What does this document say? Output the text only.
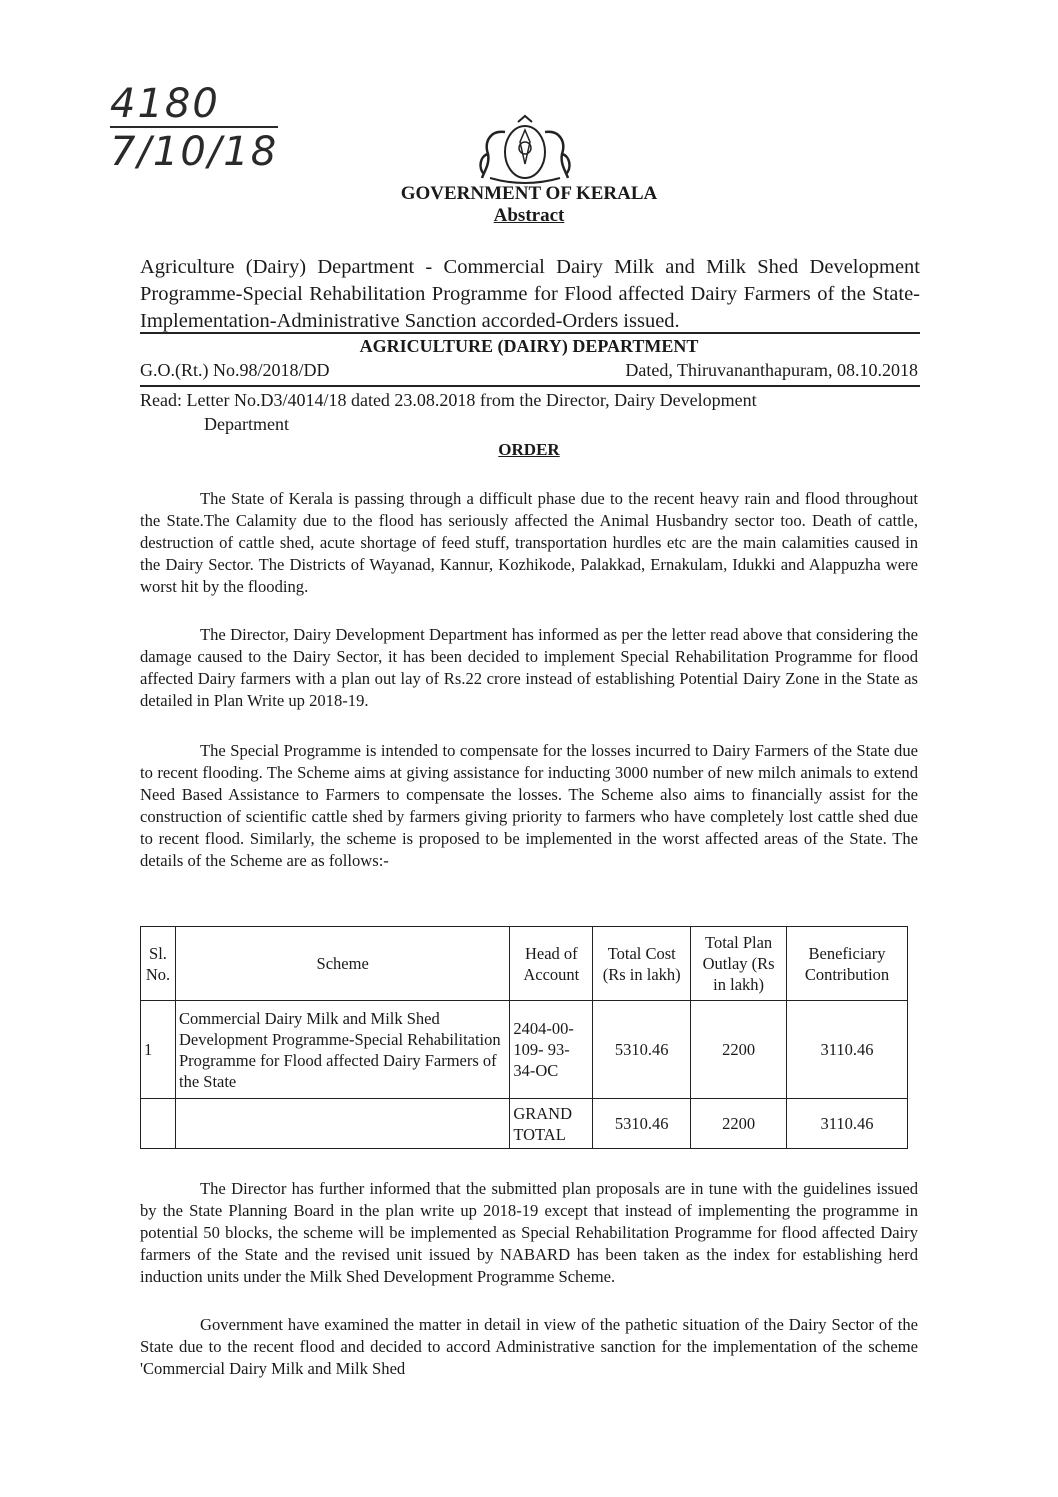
4180
7/10/18
GOVERNMENT OF KERALA
Abstract
Agriculture (Dairy) Department - Commercial Dairy Milk and Milk Shed Development Programme-Special Rehabilitation Programme for Flood affected Dairy Farmers of the State-Implementation-Administrative Sanction accorded-Orders issued.
AGRICULTURE (DAIRY) DEPARTMENT
G.O.(Rt.) No.98/2018/DD	Dated, Thiruvananthapuram, 08.10.2018
Read: Letter No.D3/4014/18 dated 23.08.2018 from the Director, Dairy Development
Department
ORDER
The State of Kerala is passing through a difficult phase due to the recent heavy rain and flood throughout the State.The Calamity due to the flood has seriously affected the Animal Husbandry sector too. Death of cattle, destruction of cattle shed, acute shortage of feed stuff, transportation hurdles etc are the main calamities caused in the Dairy Sector. The Districts of Wayanad, Kannur, Kozhikode, Palakkad, Ernakulam, Idukki and Alappuzha were worst hit by the flooding.
The Director, Dairy Development Department has informed as per the letter read above that considering the damage caused to the Dairy Sector, it has been decided to implement Special Rehabilitation Programme for flood affected Dairy farmers with a plan out lay of Rs.22 crore instead of establishing Potential Dairy Zone in the State as detailed in Plan Write up 2018-19.
The Special Programme is intended to compensate for the losses incurred to Dairy Farmers of the State due to recent flooding. The Scheme aims at giving assistance for inducting 3000 number of new milch animals to extend Need Based Assistance to Farmers to compensate the losses. The Scheme also aims to financially assist for the construction of scientific cattle shed by farmers giving priority to farmers who have completely lost cattle shed due to recent flood. Similarly, the scheme is proposed to be implemented in the worst affected areas of the State. The details of the Scheme are as follows:-
Sl. No.	Scheme	Head of Account	Total Cost (Rs in lakh)	Total Plan Outlay (Rs in lakh)	Beneficiary Contribution
1	Commercial Dairy Milk and Milk Shed Development Programme-Special Rehabilitation Programme for Flood affected Dairy Farmers of the State	2404-00-109- 93-34-OC	5310.46	2200	3110.46
		GRAND TOTAL	5310.46	2200	3110.46
The Director has further informed that the submitted plan proposals are in tune with the guidelines issued by the State Planning Board in the plan write up 2018-19 except that instead of implementing the programme in potential 50 blocks, the scheme will be implemented as Special Rehabilitation Programme for flood affected Dairy farmers of the State and the revised unit issued by NABARD has been taken as the index for establishing herd induction units under the Milk Shed Development Programme Scheme.
Government have examined the matter in detail in view of the pathetic situation of the Dairy Sector of the State due to the recent flood and decided to accord Administrative sanction for the implementation of the scheme 'Commercial Dairy Milk and Milk Shed
